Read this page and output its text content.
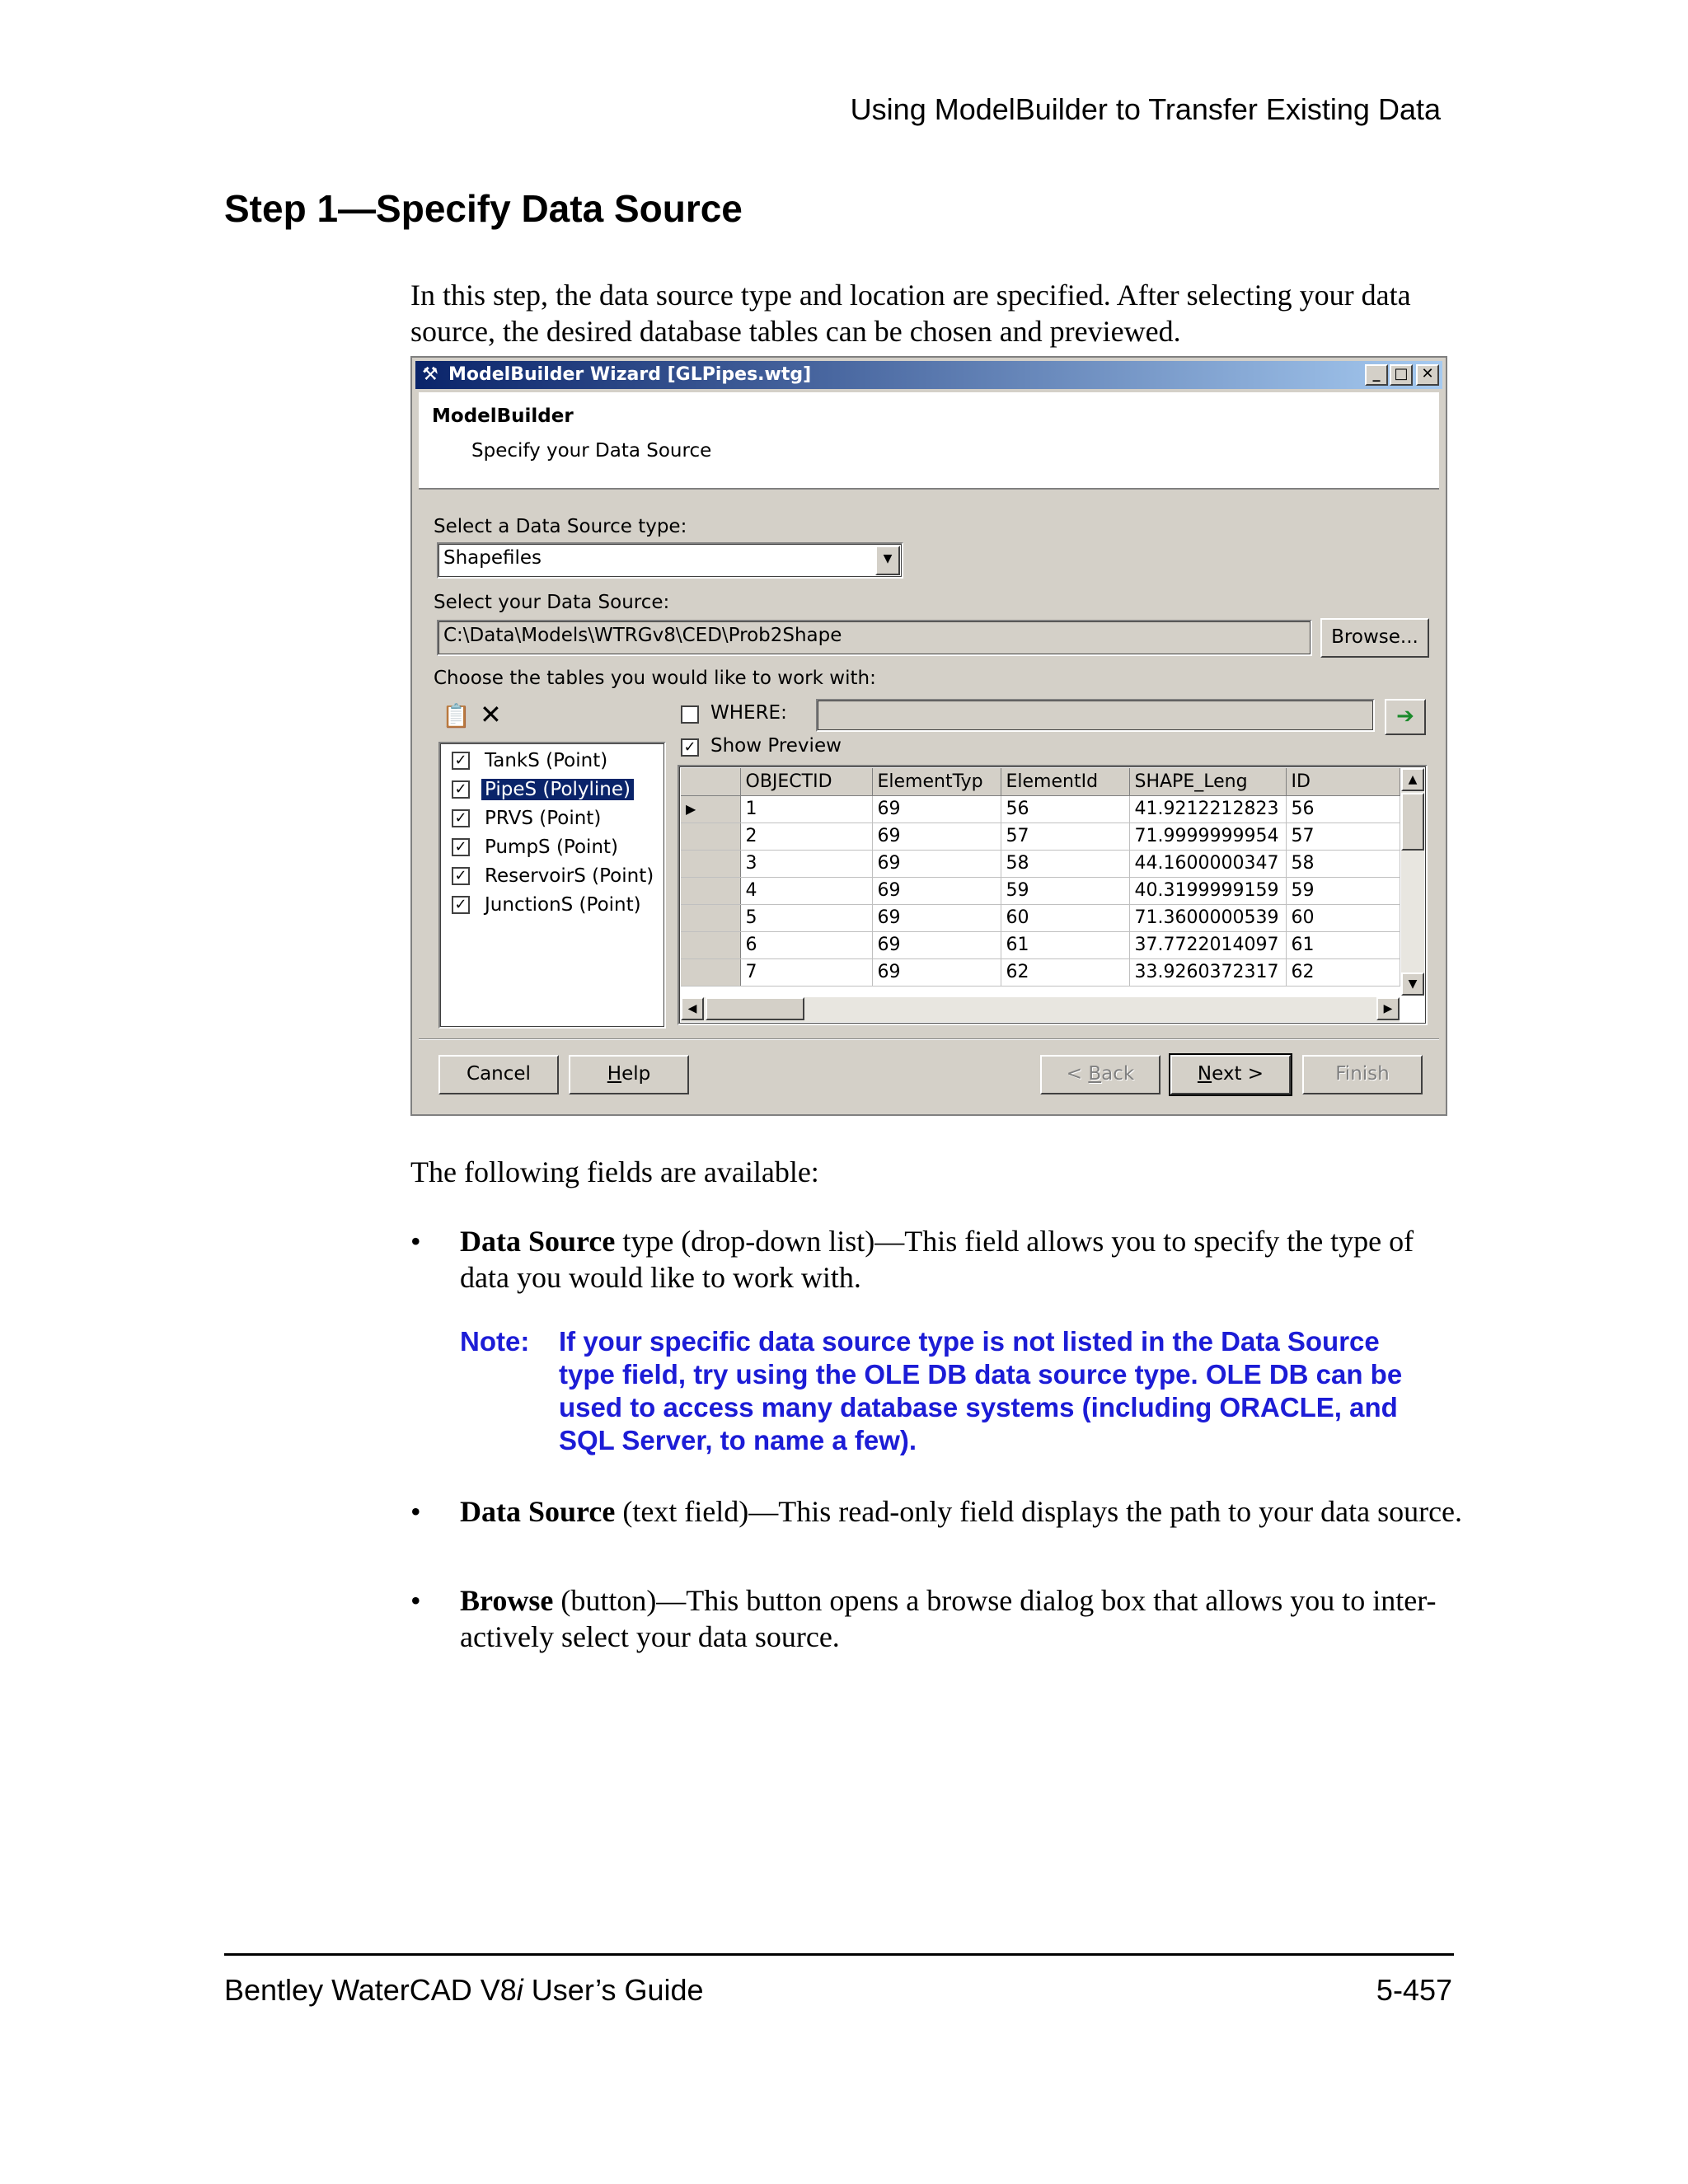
Using ModelBuilder to Transfer Existing Data
Step 1—Specify Data Source
In this step, the data source type and location are specified. After selecting your data source, the desired database tables can be chosen and previewed.
⚒ ModelBuilder Wizard [GLPipes.wtg]	_ □ ✕
ModelBuilder
Specify your Data Source
Select a Data Source type:
Shapefiles	▼
Select your Data Source:
C:\Data\Models\WTRGv8\CED\Prob2Shape	Browse...
Choose the tables you would like to work with:
📋 ✕	WHERE:	➔
✓ Show Preview
✓ TankS (Point)
✓ PipeS (Polyline)
✓ PRVS (Point)
✓ PumpS (Point)
✓ ReservoirS (Point)
✓ JunctionS (Point)
	OBJECTID	ElementTyp	ElementId	SHAPE_Leng	ID
▶	1	69	56	41.9212212823	56
	2	69	57	71.9999999954	57
	3	69	58	44.1600000347	58
	4	69	59	40.3199999159	59
	5	69	60	71.3600000539	60
	6	69	61	37.7722014097	61
	7	69	62	33.9260372317	62
▲
▼
◀	▶
Cancel	Help	< Back	Next >	Finish
The following fields are available:
• Data Source type (drop-down list)—This field allows you to specify the type of data you would like to work with.
Note: If your specific data source type is not listed in the Data Source type field, try using the OLE DB data source type. OLE DB can be used to access many database systems (including ORACLE, and SQL Server, to name a few).
• Data Source (text field)—This read-only field displays the path to your data source.
• Browse (button)—This button opens a browse dialog box that allows you to inter-actively select your data source.
Bentley WaterCAD V8i User’s Guide	5-457
